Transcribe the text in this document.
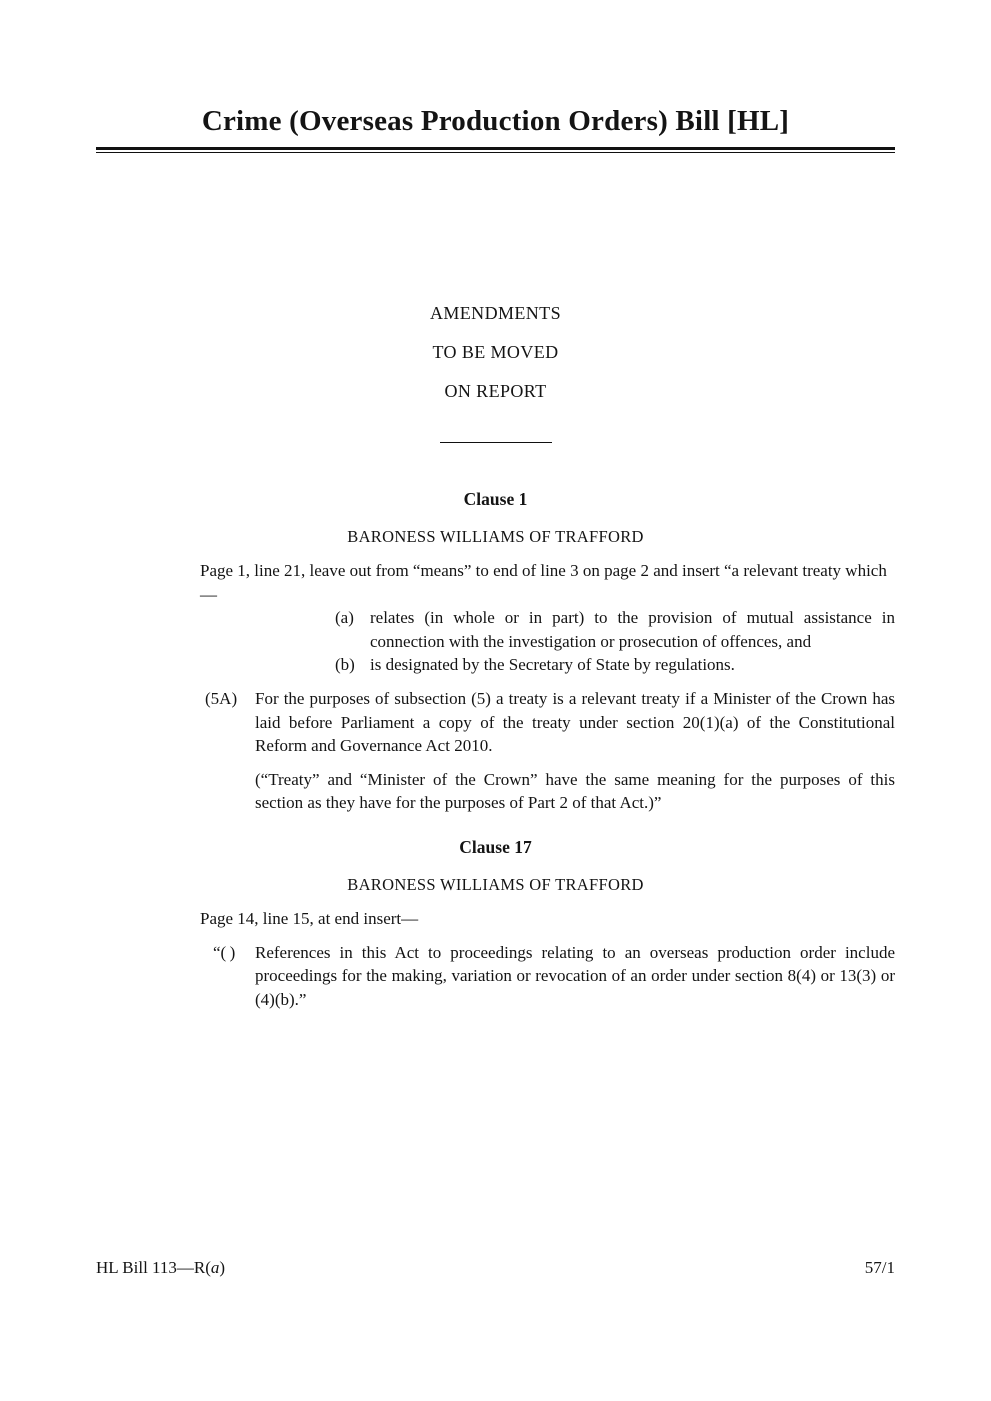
Crime (Overseas Production Orders) Bill [HL]
AMENDMENTS
TO BE MOVED
ON REPORT
Clause 1
BARONESS WILLIAMS OF TRAFFORD
Page 1, line 21, leave out from “means” to end of line 3 on page 2 and insert “a relevant treaty which—
(a) relates (in whole or in part) to the provision of mutual assistance in connection with the investigation or prosecution of offences, and
(b) is designated by the Secretary of State by regulations.
(5A)	For the purposes of subsection (5) a treaty is a relevant treaty if a Minister of the Crown has laid before Parliament a copy of the treaty under section 20(1)(a) of the Constitutional Reform and Governance Act 2010.
(“Treaty” and “Minister of the Crown” have the same meaning for the purposes of this section as they have for the purposes of Part 2 of that Act.)”
Clause 17
BARONESS WILLIAMS OF TRAFFORD
Page 14, line 15, at end insert—
“( )	References in this Act to proceedings relating to an overseas production order include proceedings for the making, variation or revocation of an order under section 8(4) or 13(3) or (4)(b).”
HL Bill 113—R(a)	57/1
